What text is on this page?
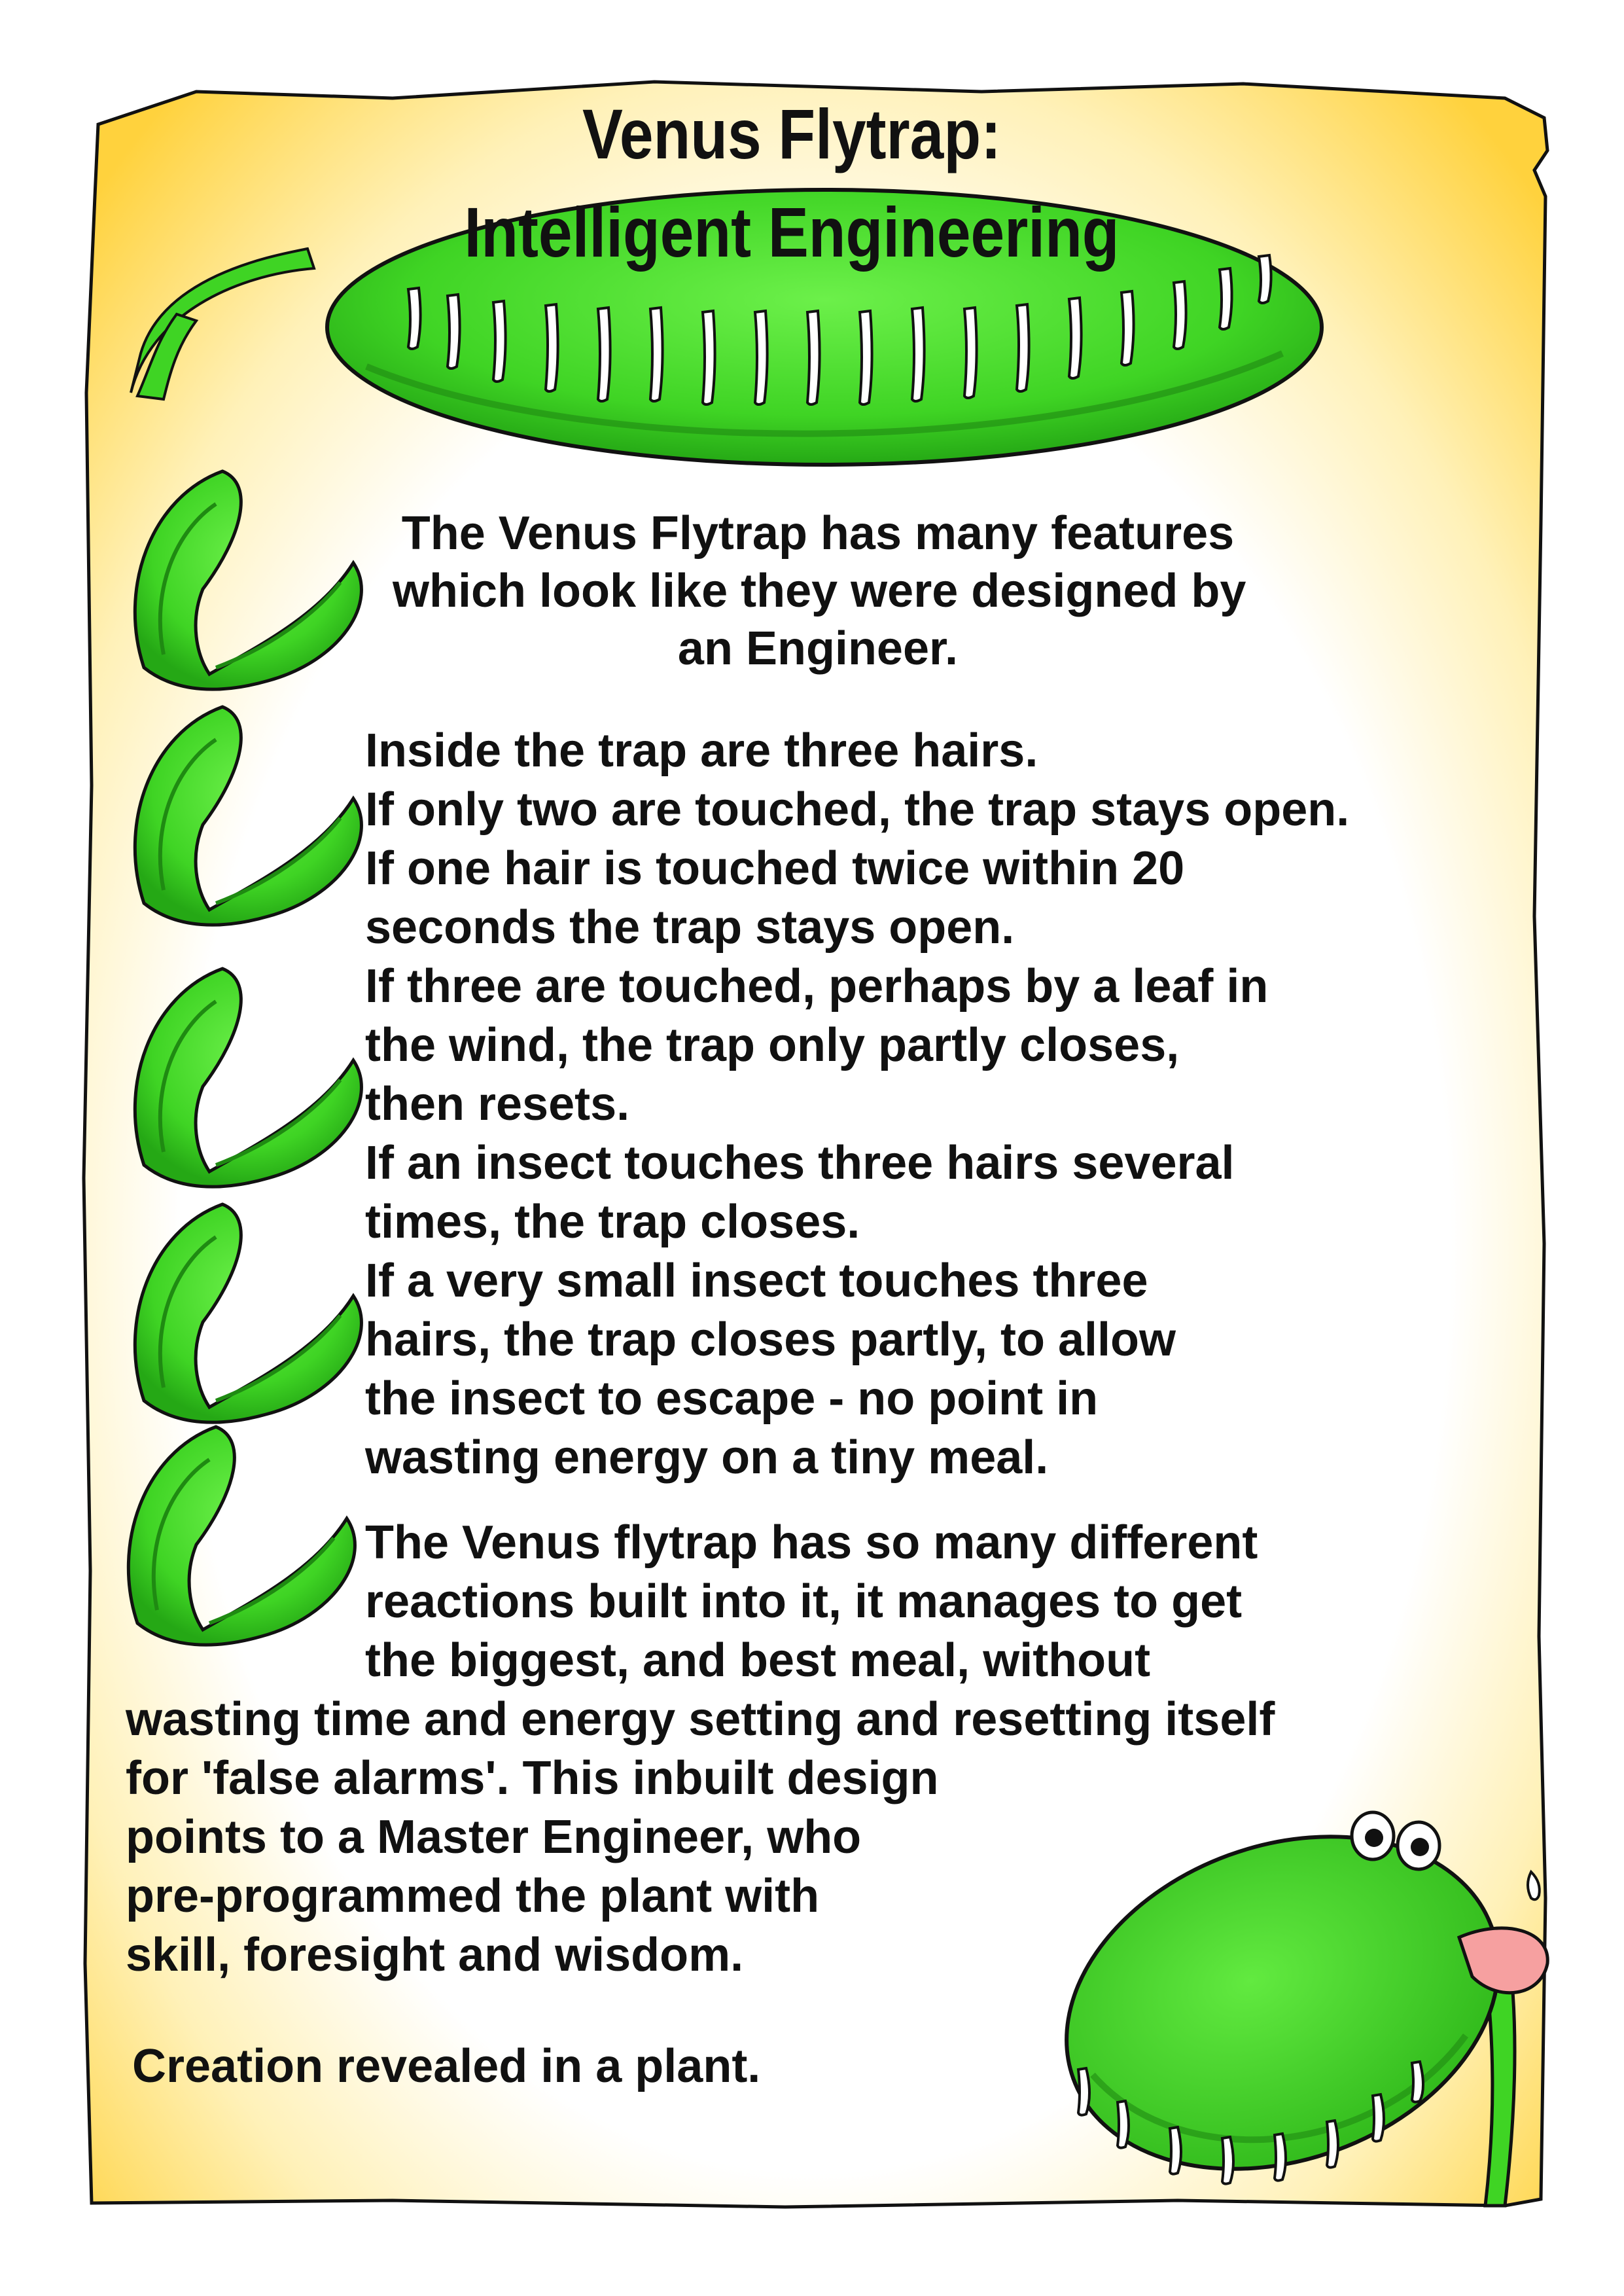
Venus Flytrap:
Intelligent Engineering

The Venus Flytrap has many features

which look like they were designed by

an Engineer.

Inside the trap are three hairs.

If only two are touched, the trap stays open.

If one hair is touched twice within 20

seconds the trap stays open.

If three are touched, perhaps by a leaf in

the wind, the trap only partly closes,

then resets.

If an insect touches three hairs several

times, the trap closes.

If a very small insect touches three

hairs, the trap closes partly, to allow

the insect to escape - no point in

wasting energy on a tiny meal.

The Venus flytrap has so many different

reactions built into it, it manages to get

the biggest, and best meal, without

wasting time and energy setting and resetting itself

for 'false alarms'. This inbuilt design

points to a Master Engineer, who

pre-programmed the plant with

skill, foresight and wisdom.

Creation revealed in a plant.
